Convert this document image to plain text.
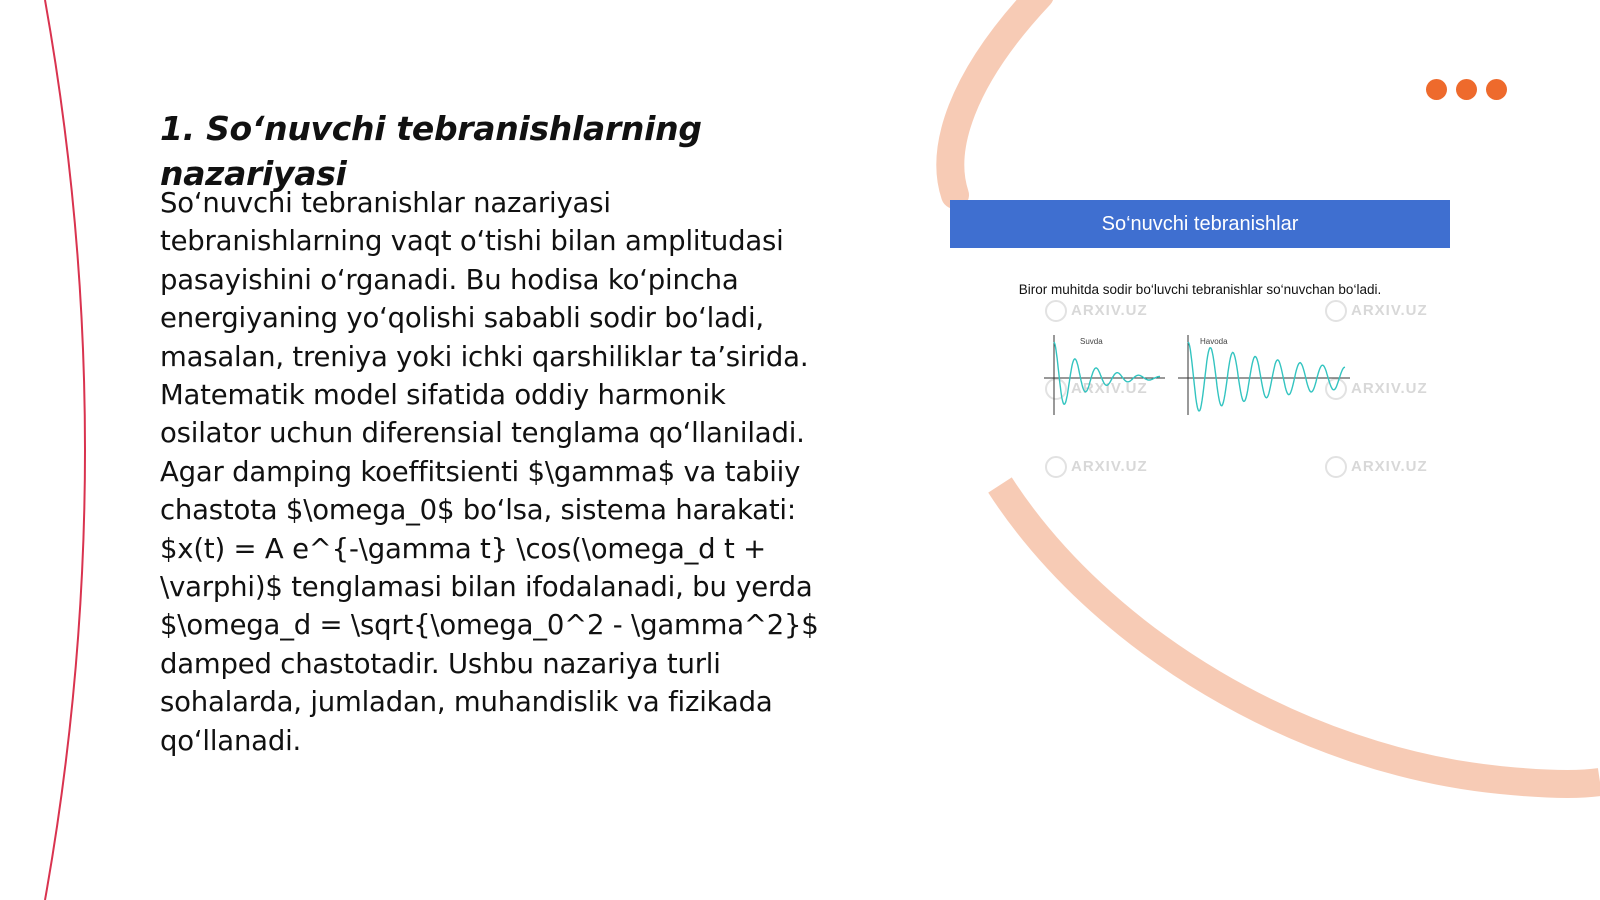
1. So‘nuvchi tebranishlarning nazariyasi

So‘nuvchi tebranishlar nazariyasi tebranishlarning vaqt o‘tishi bilan amplitudasi pasayishini o‘rganadi. Bu hodisa ko‘pincha energiyaning yo‘qolishi sababli sodir bo‘ladi, masalan, treniya yoki ichki qarshiliklar ta’sirida. Matematik model sifatida oddiy harmonik osilator uchun diferensial tenglama qo‘llaniladi. Agar damping koeffitsienti $\gamma$ va tabiiy chastota $\omega_0$ bo‘lsa, sistema harakati: $x(t) = A e^{-\gamma t} \cos(\omega_d t + \varphi)$ tenglamasi bilan ifodalanadi, bu yerda $\omega_d = \sqrt{\omega_0^2 - \gamma^2}$ damped chastotadir. Ushbu nazariya turli sohalarda, jumladan, muhandislik va fizikada qo‘llanadi.

So‘nuvchi tebranishlar
Biror muhitda sodir bo‘luvchi tebranishlar so‘nuvchan bo‘ladi.
ARXIV.UZ	ARXIV.UZ
ARXIV.UZ	ARXIV.UZ
ARXIV.UZ	ARXIV.UZ
Suvda	Havoda
